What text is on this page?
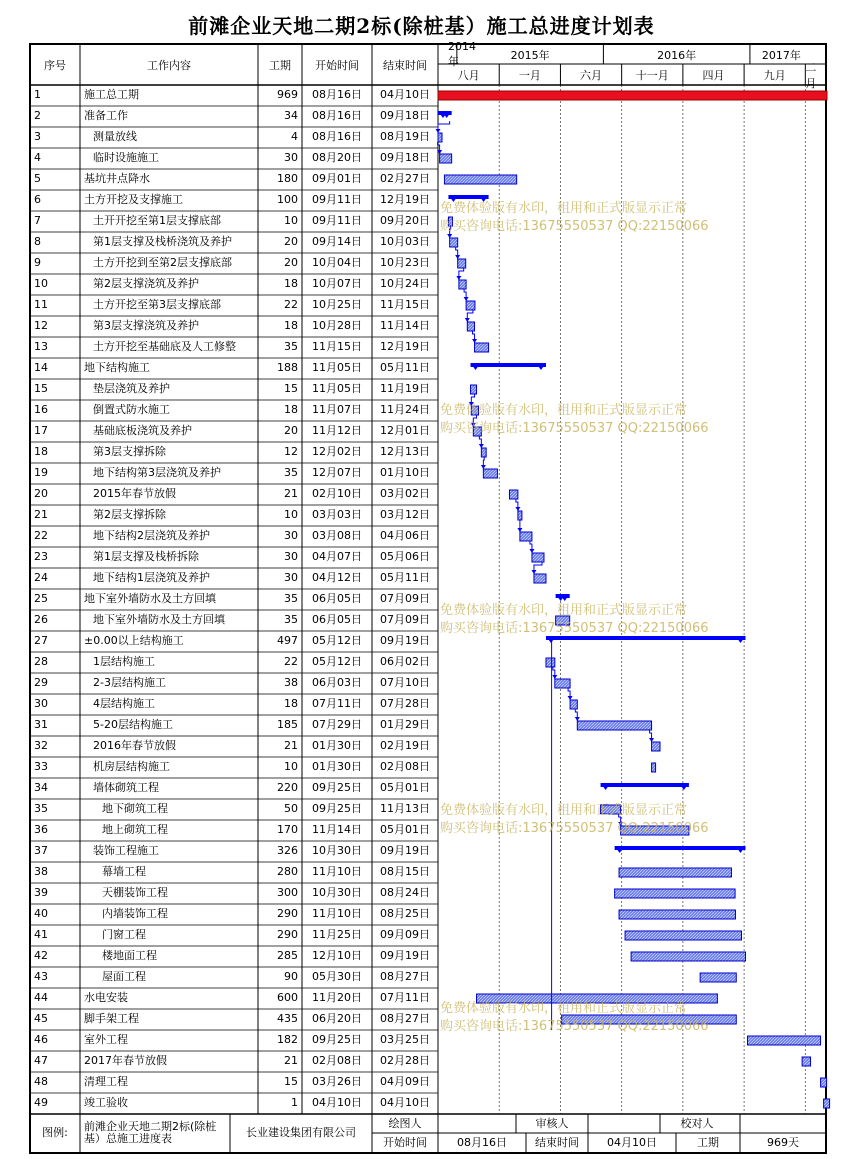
前滩企业天地二期2标(除桩基）施工总进度计划表
序号	工作内容	工期	开始时间	结束时间
2014年	2015年	2016年	2017年
八月	一月	六月	十一月	四月	九月
二月
1	施工总工期	969	08月16日	04月10日
2	准备工作	34	08月16日	09月18日
3	测量放线	4	08月16日	08月19日
4	临时设施施工	30	08月20日	09月18日
5	基坑井点降水	180	09月01日	02月27日
6	土方开挖及支撑施工	100	09月11日	12月19日
7	土开开挖至第1层支撑底部	10	09月11日	09月20日
8	第1层支撑及栈桥浇筑及养护	20	09月14日	10月03日
9	土方开挖到至第2层支撑底部	20	10月04日	10月23日
10	第2层支撑浇筑及养护	18	10月07日	10月24日
11	土方开挖至第3层支撑底部	22	10月25日	11月15日
12	第3层支撑浇筑及养护	18	10月28日	11月14日
13	土方开挖至基础底及人工修整	35	11月15日	12月19日
14	地下结构施工	188	11月05日	05月11日
15	垫层浇筑及养护	15	11月05日	11月19日
16	倒置式防水施工	18	11月07日	11月24日
17	基础底板浇筑及养护	20	11月12日	12月01日
18	第3层支撑拆除	12	12月02日	12月13日
19	地下结构第3层浇筑及养护	35	12月07日	01月10日
20	2015年春节放假	21	02月10日	03月02日
21	第2层支撑拆除	10	03月03日	03月12日
22	地下结构2层浇筑及养护	30	03月08日	04月06日
23	第1层支撑及栈桥拆除	30	04月07日	05月06日
24	地下结构1层浇筑及养护	30	04月12日	05月11日
25	地下室外墙防水及土方回填	35	06月05日	07月09日
26	地下室外墙防水及土方回填	35	06月05日	07月09日
27	±0.00以上结构施工	497	05月12日	09月19日
28	1层结构施工	22	05月12日	06月02日
29	2-3层结构施工	38	06月03日	07月10日
30	4层结构施工	18	07月11日	07月28日
31	5-20层结构施工	185	07月29日	01月29日
32	2016年春节放假	21	01月30日	02月19日
33	机房层结构施工	10	01月30日	02月08日
34	墙体砌筑工程	220	09月25日	05月01日
35	地下砌筑工程	50	09月25日	11月13日
36	地上砌筑工程	170	11月14日	05月01日
37	装饰工程施工	326	10月30日	09月19日
38	幕墙工程	280	11月10日	08月15日
39	天棚装饰工程	300	10月30日	08月24日
40	内墙装饰工程	290	11月10日	08月25日
41	门窗工程	290	11月25日	09月09日
42	楼地面工程	285	12月10日	09月19日
43	屋面工程	90	05月30日	08月27日
44	水电安装	600	11月20日	07月11日
45	脚手架工程	435	06月20日	08月27日
46	室外工程	182	09月25日	03月25日
47	2017年春节放假	21	02月08日	02月28日
48	清理工程	15	03月26日	04月09日
49	竣工验收	1	04月10日	04月10日
免费体验版有水印，租用和正式版显示正常
购买咨询电话:13675550537 QQ:22150066
免费体验版有水印，租用和正式版显示正常
购买咨询电话:13675550537 QQ:22150066
免费体验版有水印，租用和正式版显示正常
购买咨询电话:13675550537 QQ:22150066
免费体验版有水印，租用和正式版显示正常
购买咨询电话:13675550537 QQ:22150066
免费体验版有水印，租用和正式版显示正常
购买咨询电话:13675550537 QQ:22150066
图例:	前滩企业天地二期2标(除桩基）总施工进度表	长业建设集团有限公司
绘图人	审核人	校对人
开始时间	08月16日	结束时间	04月10日	工期	969天
